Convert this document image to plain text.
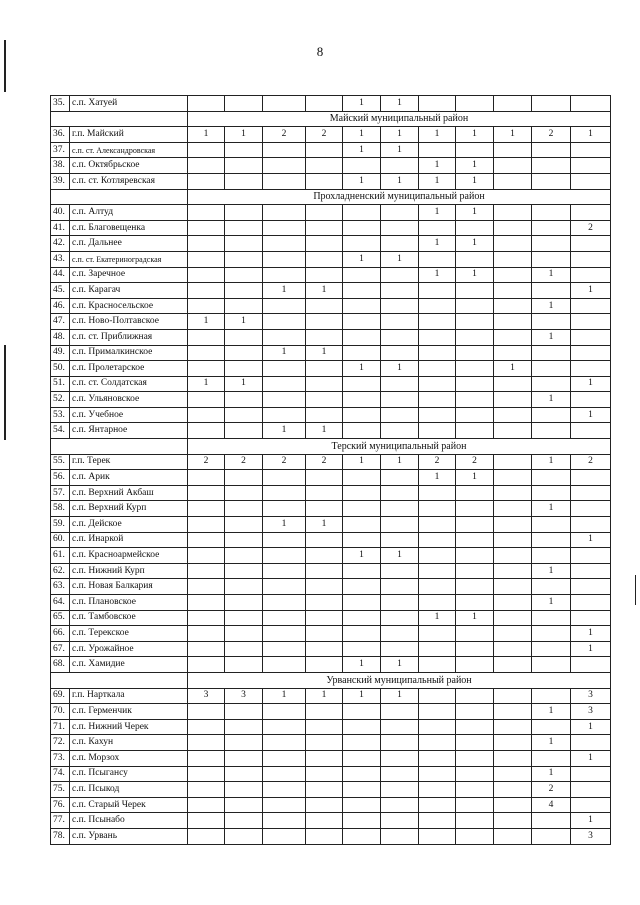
8
35.	с.п. Хатуей					1	1					
		Майский муниципальный район										
36.	г.п. Майский	1	1	2	2	1	1	1	1	1	2	1
37.	с.п. ст. Александровская					1	1					
38.	с.п. Октябрьское							1	1			
39.	с.п. ст. Котляревская					1	1	1	1			
		Прохладненский муниципальный район										
40.	с.п. Алтуд							1	1			
41.	с.п. Благовещенка											2
42.	с.п. Дальнее							1	1			
43.	с.п. ст. Екатериноградская					1	1					
44.	с.п. Заречное							1	1		1	
45.	с.п. Карагач			1	1							1
46.	с.п. Красносельское										1	
47.	с.п. Ново-Полтавское	1	1									
48.	с.п. ст. Приближная										1	
49.	с.п. Прималкинское			1	1							
50.	с.п. Пролетарское					1	1			1		
51.	с.п. ст. Солдатская	1	1									1
52.	с.п. Ульяновское										1	
53.	с.п. Учебное											1
54.	с.п. Янтарное			1	1							
		Терский муниципальный район										
55.	г.п. Терек	2	2	2	2	1	1	2	2		1	2
56.	с.п. Арик							1	1			
57.	с.п. Верхний Акбаш											
58.	с.п. Верхний Курп										1	
59.	с.п. Дейское			1	1							
60.	с.п. Инаркой											1
61.	с.п. Красноармейское					1	1					
62.	с.п. Нижний Курп										1	
63.	с.п. Новая Балкария											
64.	с.п. Плановское										1	
65.	с.п. Тамбовское							1	1			
66.	с.п. Терекское											1
67.	с.п. Урожайное											1
68.	с.п. Хамидие					1	1					
		Урванский муниципальный район										
69.	г.п. Нарткала	3	3	1	1	1	1					3
70.	с.п. Герменчик										1	3
71.	с.п. Нижний Черек											1
72.	с.п. Кахун										1	
73.	с.п. Морзох											1
74.	с.п. Псыгансу										1	
75.	с.п. Псыкод										2	
76.	с.п. Старый Черек										4	
77.	с.п. Псынабо											1
78.	с.п. Урвань											3
